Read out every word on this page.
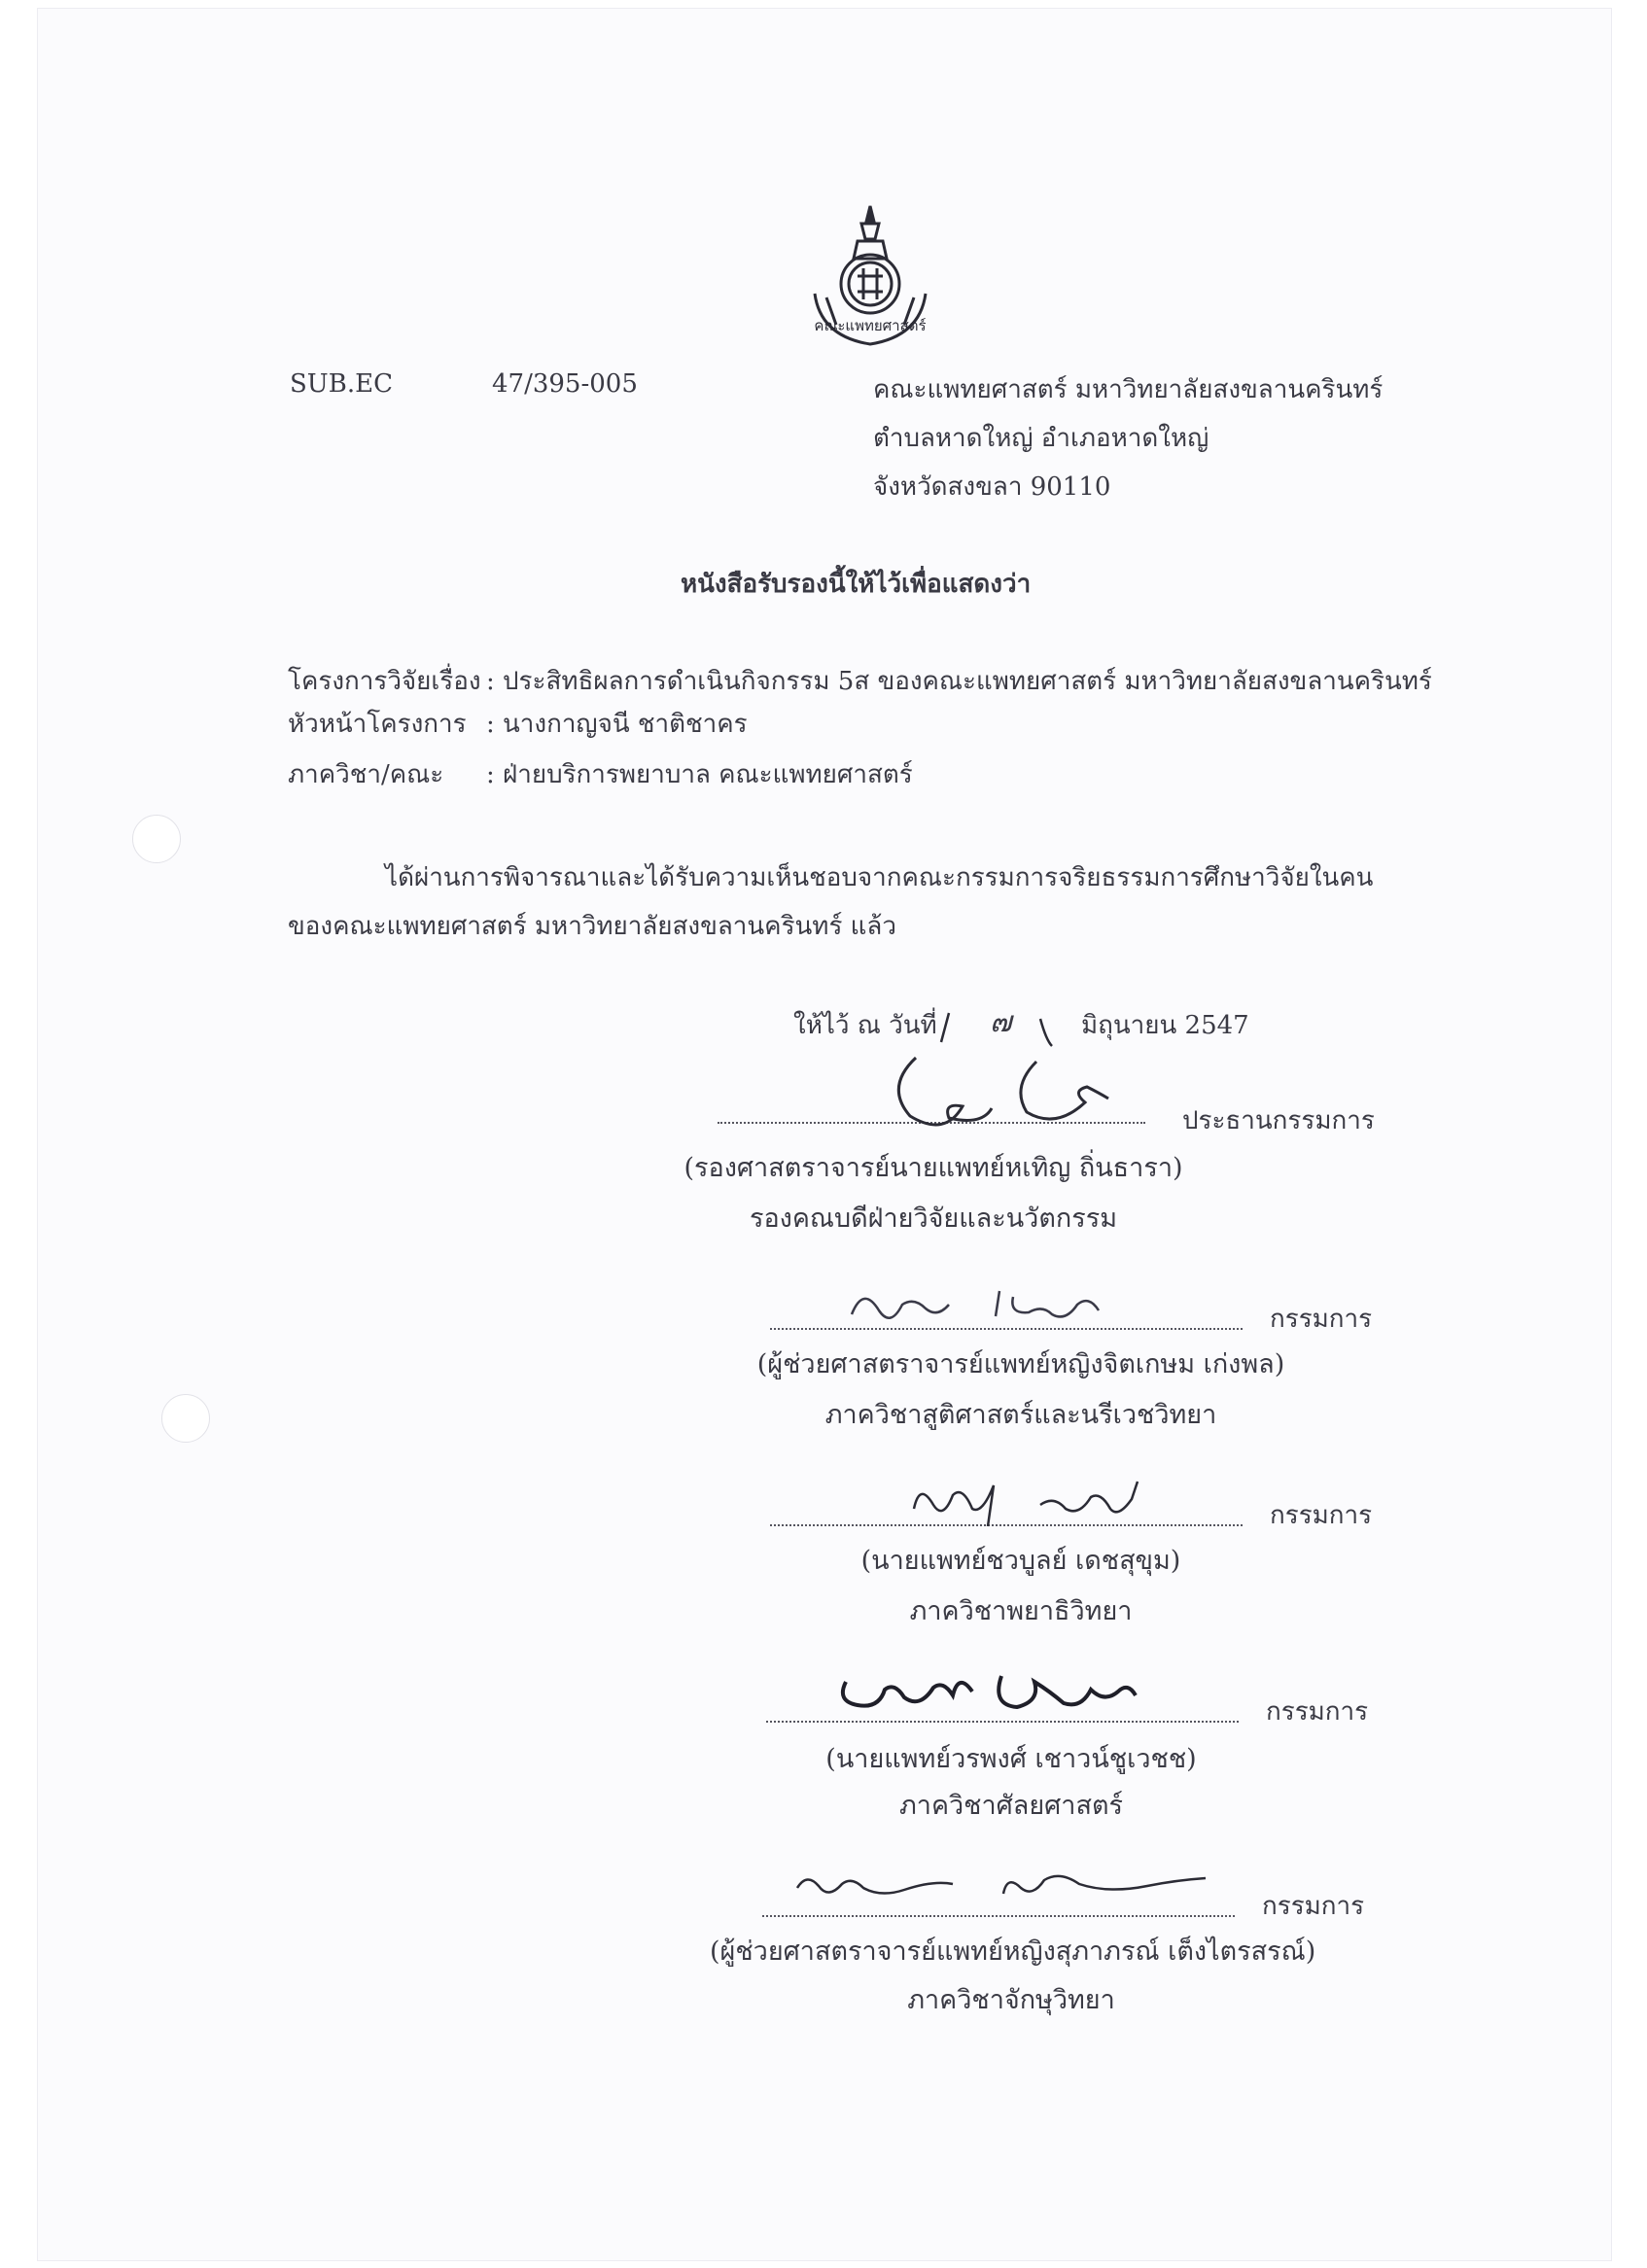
คณะแพทยศาสตร์
SUB.EC	47/395-005	คณะแพทยศาสตร์ มหาวิทยาลัยสงขลานครินทร์
ตำบลหาดใหญ่ อำเภอหาดใหญ่
จังหวัดสงขลา 90110
หนังสือรับรองนี้ให้ไว้เพื่อแสดงว่า
โครงการวิจัยเรื่อง : ประสิทธิผลการดำเนินกิจกรรม 5ส ของคณะแพทยศาสตร์ มหาวิทยาลัยสงขลานครินทร์
หัวหน้าโครงการ : นางกาญจนี ชาติชาคร
ภาควิชา/คณะ : ฝ่ายบริการพยาบาล คณะแพทยศาสตร์
ได้ผ่านการพิจารณาและได้รับความเห็นชอบจากคณะกรรมการจริยธรรมการศึกษาวิจัยในคน
ของคณะแพทยศาสตร์ มหาวิทยาลัยสงขลานครินทร์ แล้ว
ให้ไว้ ณ วันที่ ๗	มิถุนายน 2547
ประธานกรรมการ
(รองศาสตราจารย์นายแพทย์หเทิญ ถิ่นธารา)
รองคณบดีฝ่ายวิจัยและนวัตกรรม
กรรมการ
(ผู้ช่วยศาสตราจารย์แพทย์หญิงจิตเกษม เก่งพล)
ภาควิชาสูติศาสตร์และนรีเวชวิทยา
กรรมการ
(นายแพทย์ชวบูลย์ เดชสุขุม)
ภาควิชาพยาธิวิทยา
กรรมการ
(นายแพทย์วรพงศ์ เชาวน์ชูเวชช)
ภาควิชาศัลยศาสตร์
กรรมการ
(ผู้ช่วยศาสตราจารย์แพทย์หญิงสุภาภรณ์ เต็งไตรสรณ์)
ภาควิชาจักษุวิทยา
